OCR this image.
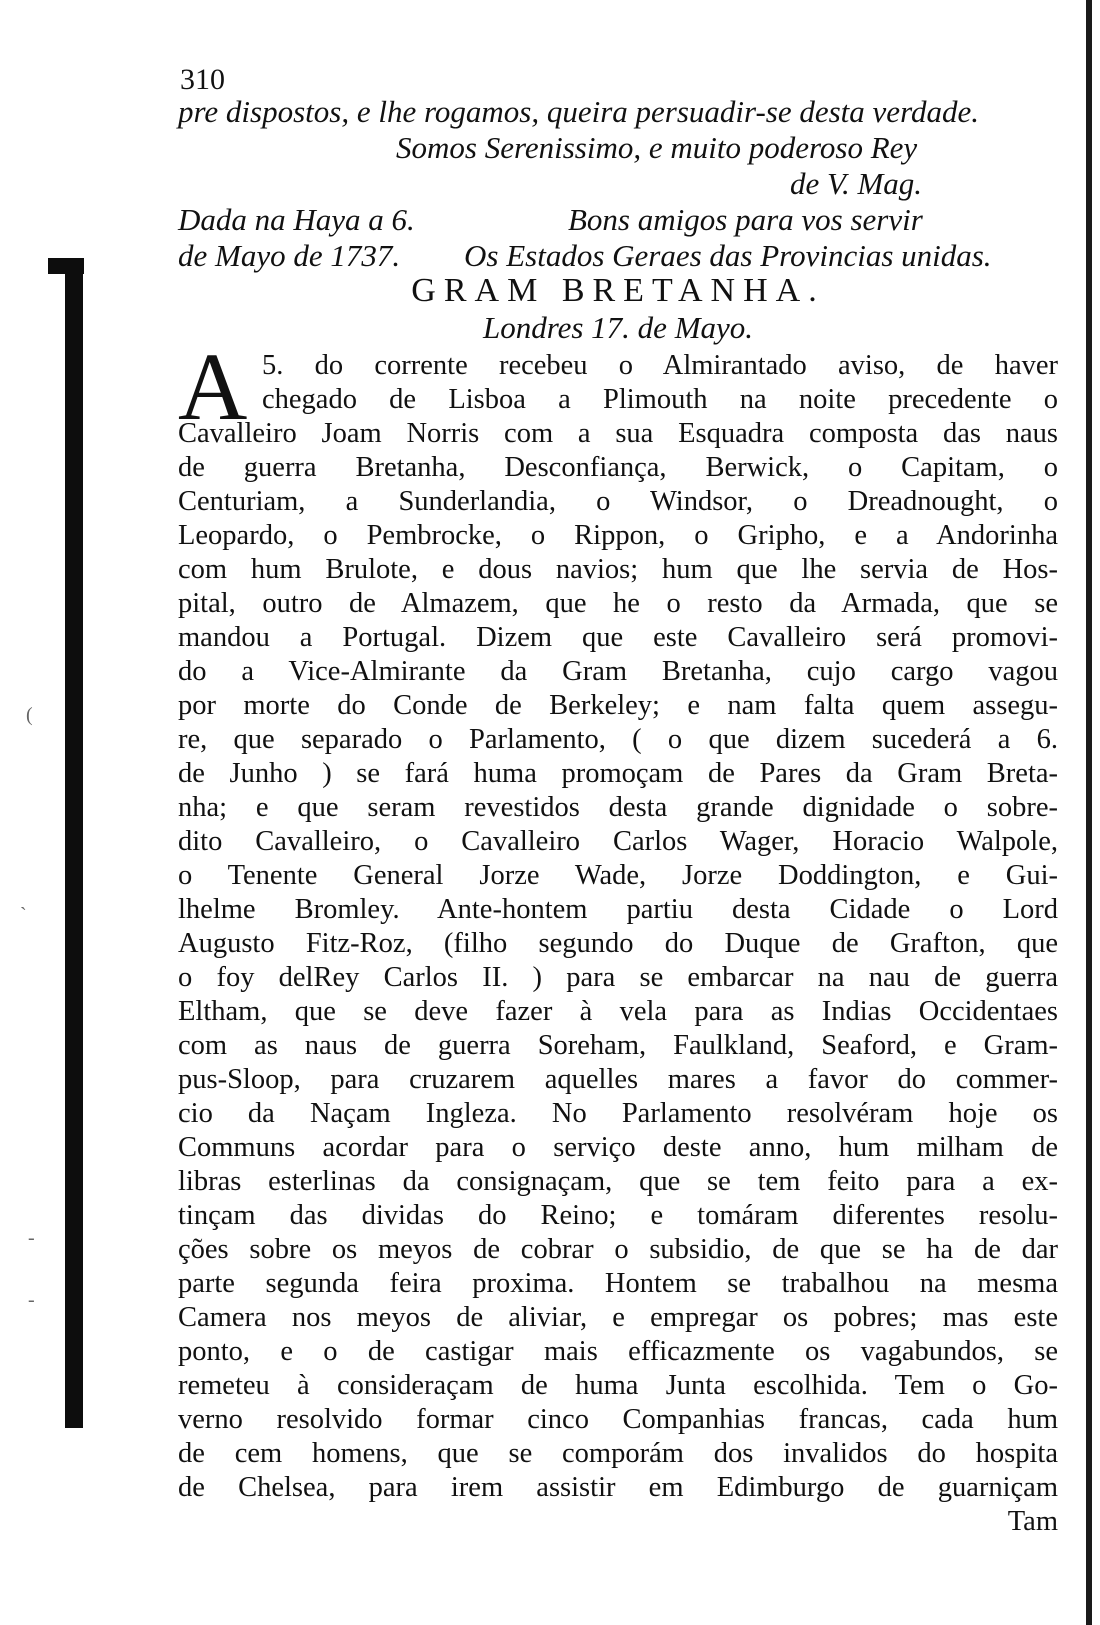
(
`
-
-
310
pre dispostos, e lhe rogamos, queira persuadir-se desta verdade.
Somos Serenissimo, e muito poderoso Rey
de V. Mag.
Dada na Haya a 6.	Bons amigos para vos servir
de Mayo de 1737. Os Estados Geraes das Provincias unidas.
GRAM BRETANHA.
Londres 17. de Mayo.
A 5. do corrente recebeu o Almirantado aviso, de haver
chegado de Lisboa a Plimouth na noite precedente o
Cavalleiro Joam Norris com a sua Esquadra composta das naus
de guerra Bretanha, Desconfiança, Berwick, o Capitam, o
Centuriam, a Sunderlandia, o Windsor, o Dreadnought, o
Leopardo, o Pembrocke, o Rippon, o Gripho, e a Andorinha
com hum Brulote, e dous navios; hum que lhe servia de Hos-
pital, outro de Almazem, que he o resto da Armada, que se
mandou a Portugal. Dizem que este Cavalleiro será promovi-
do a Vice-Almirante da Gram Bretanha, cujo cargo vagou
por morte do Conde de Berkeley; e nam falta quem assegu-
re, que separado o Parlamento, ( o que dizem sucederá a 6.
de Junho ) se fará huma promoçam de Pares da Gram Breta-
nha; e que seram revestidos desta grande dignidade o sobre-
dito Cavalleiro, o Cavalleiro Carlos Wager, Horacio Walpole,
o Tenente General Jorze Wade, Jorze Doddington, e Gui-
lhelme Bromley. Ante-hontem partiu desta Cidade o Lord
Augusto Fitz-Roz, (filho segundo do Duque de Grafton, que
o foy delRey Carlos II. ) para se embarcar na nau de guerra
Eltham, que se deve fazer à vela para as Indias Occidentaes
com as naus de guerra Soreham, Faulkland, Seaford, e Gram-
pus-Sloop, para cruzarem aquelles mares a favor do commer-
cio da Naçam Ingleza. No Parlamento resolvéram hoje os
Communs acordar para o serviço deste anno, hum milham de
libras esterlinas da consignaçam, que se tem feito para a ex-
tinçam das dividas do Reino; e tomáram diferentes resolu-
ções sobre os meyos de cobrar o subsidio, de que se ha de dar
parte segunda feira proxima. Hontem se trabalhou na mesma
Camera nos meyos de aliviar, e empregar os pobres; mas este
ponto, e o de castigar mais efficazmente os vagabundos, se
remeteu à consideraçam de huma Junta escolhida. Tem o Go-
verno resolvido formar cinco Companhias francas, cada hum
de cem homens, que se comporám dos invalidos do hospita
de Chelsea, para irem assistir em Edimburgo de guarniçam
Tam
